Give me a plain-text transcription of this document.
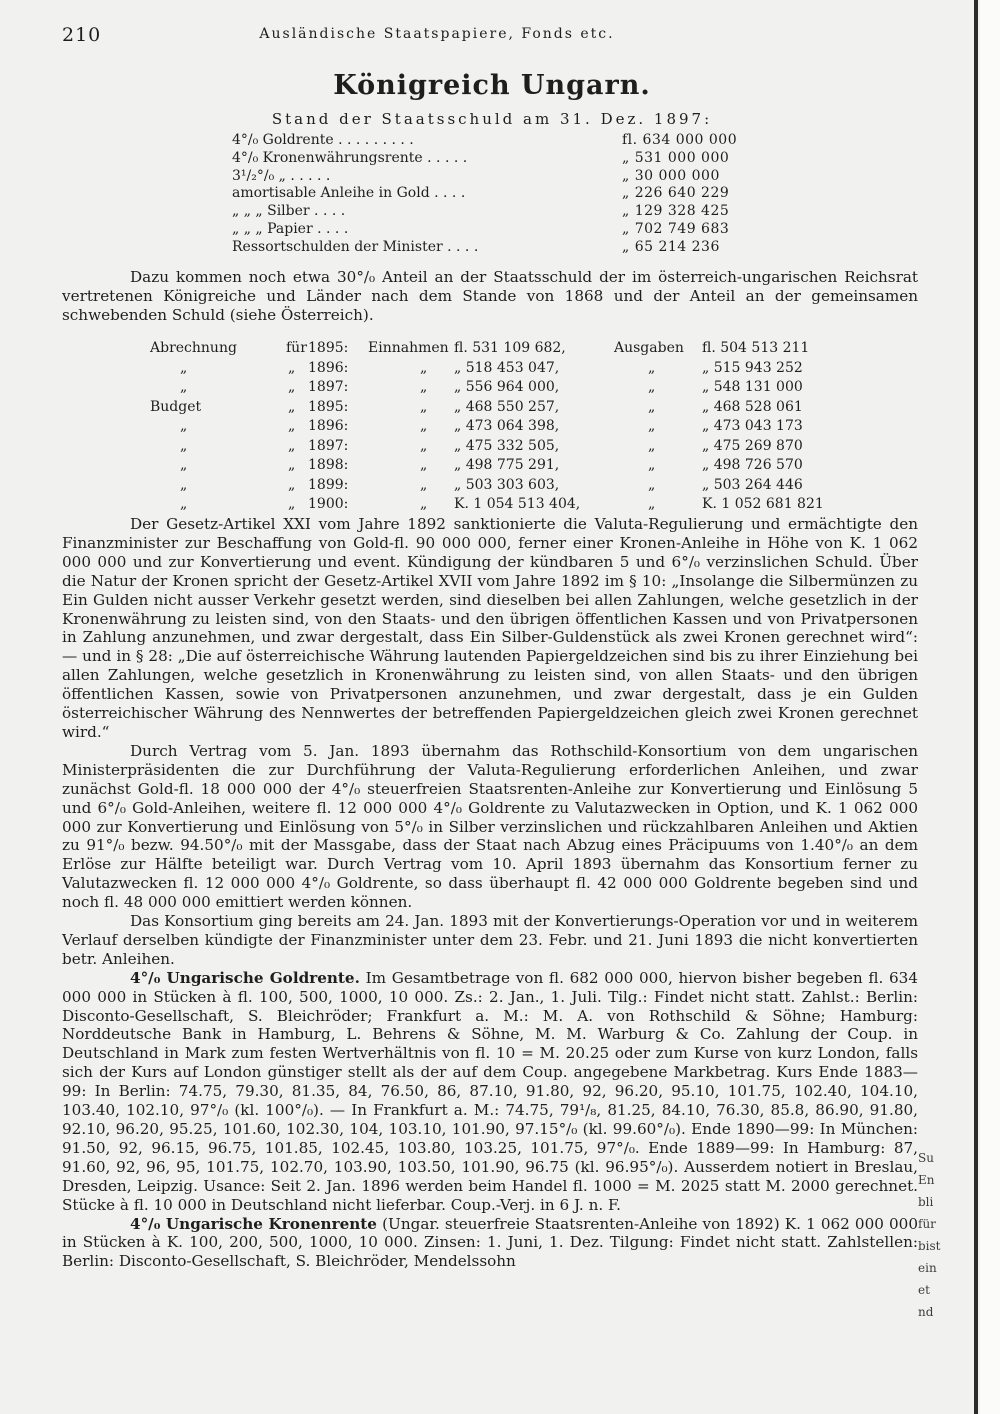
210	Ausländische Staatspapiere, Fonds etc.
Königreich Ungarn.
Stand der Staatsschuld am 31. Dez. 1897:
4°/₀ Goldrente . . . . . . . . .	fl. 634 000 000
4°/₀ Kronenwährungsrente . . . . .	„ 531 000 000
3¹/₂°/₀ „ . . . . .	„ 30 000 000
amortisable Anleihe in Gold . . . .	„ 226 640 229
„ „ „ Silber . . . .	„ 129 328 425
„ „ „ Papier . . . .	„ 702 749 683
Ressortschulden der Minister . . . .	„ 65 214 236

Dazu kommen noch etwa 30°/₀ Anteil an der Staatsschuld der im österreich-ungarischen Reichsrat vertretenen Königreiche und Länder nach dem Stande von 1868 und der Anteil an der gemeinsamen schwebenden Schuld (siehe Österreich).

Abrechnung	für 1895: Einnahmen fl. 531 109 682,	Ausgaben fl. 504 513 211
„	„ 1896:	„ „ 518 453 047,	„	„ 515 943 252
„	„ 1897:	„ „ 556 964 000,	„	„ 548 131 000
Budget	„ 1895:	„ „ 468 550 257,	„	„ 468 528 061
„	„ 1896:	„ „ 473 064 398,	„	„ 473 043 173
„	„ 1897:	„ „ 475 332 505,	„	„ 475 269 870
„	„ 1898:	„ „ 498 775 291,	„	„ 498 726 570
„	„ 1899:	„ „ 503 303 603,	„	„ 503 264 446
„	„ 1900:	„ K. 1 054 513 404,	„	K. 1 052 681 821

Der Gesetz-Artikel XXI vom Jahre 1892 sanktionierte die Valuta-Regulierung und ermächtigte den Finanzminister zur Beschaffung von Gold-fl. 90 000 000, ferner einer Kronen-Anleihe in Höhe von K. 1 062 000 000 und zur Konvertierung und event. Kündigung der kündbaren 5 und 6°/₀ verzinslichen Schuld. Über die Natur der Kronen spricht der Gesetz-Artikel XVII vom Jahre 1892 im § 10: „Insolange die Silbermünzen zu Ein Gulden nicht ausser Verkehr gesetzt werden, sind dieselben bei allen Zahlungen, welche gesetzlich in der Kronenwährung zu leisten sind, von den Staats- und den übrigen öffentlichen Kassen und von Privatpersonen in Zahlung anzunehmen, und zwar dergestalt, dass Ein Silber-Guldenstück als zwei Kronen gerechnet wird“: — und in § 28: „Die auf österreichische Währung lautenden Papiergeldzeichen sind bis zu ihrer Einziehung bei allen Zahlungen, welche gesetzlich in Kronenwährung zu leisten sind, von allen Staats- und den übrigen öffentlichen Kassen, sowie von Privatpersonen anzunehmen, und zwar dergestalt, dass je ein Gulden österreichischer Währung des Nennwertes der betreffenden Papiergeldzeichen gleich zwei Kronen gerechnet wird.“

Durch Vertrag vom 5. Jan. 1893 übernahm das Rothschild-Konsortium von dem ungarischen Ministerpräsidenten die zur Durchführung der Valuta-Regulierung erforderlichen Anleihen, und zwar zunächst Gold-fl. 18 000 000 der 4°/₀ steuerfreien Staatsrenten-Anleihe zur Konvertierung und Einlösung 5 und 6°/₀ Gold-Anleihen, weitere fl. 12 000 000 4°/₀ Goldrente zu Valutazwecken in Option, und K. 1 062 000 000 zur Konvertierung und Einlösung von 5°/₀ in Silber verzinslichen und rückzahlbaren Anleihen und Aktien zu 91°/₀ bezw. 94.50°/₀ mit der Massgabe, dass der Staat nach Abzug eines Präcipuums von 1.40°/₀ an dem Erlöse zur Hälfte beteiligt war. Durch Vertrag vom 10. April 1893 übernahm das Konsortium ferner zu Valutazwecken fl. 12 000 000 4°/₀ Goldrente, so dass überhaupt fl. 42 000 000 Goldrente begeben sind und noch fl. 48 000 000 emittiert werden können.

Das Konsortium ging bereits am 24. Jan. 1893 mit der Konvertierungs-Operation vor und in weiterem Verlauf derselben kündigte der Finanzminister unter dem 23. Febr. und 21. Juni 1893 die nicht konvertierten betr. Anleihen.

4°/₀ Ungarische Goldrente. Im Gesamtbetrage von fl. 682 000 000, hiervon bisher begeben fl. 634 000 000 in Stücken à fl. 100, 500, 1000, 10 000. Zs.: 2. Jan., 1. Juli. Tilg.: Findet nicht statt. Zahlst.: Berlin: Disconto-Gesellschaft, S. Bleichröder; Frankfurt a. M.: M. A. von Rothschild & Söhne; Hamburg: Norddeutsche Bank in Hamburg, L. Behrens & Söhne, M. M. Warburg & Co. Zahlung der Coup. in Deutschland in Mark zum festen Wertverhältnis von fl. 10 = M. 20.25 oder zum Kurse von kurz London, falls sich der Kurs auf London günstiger stellt als der auf dem Coup. angegebene Markbetrag. Kurs Ende 1883—99: In Berlin: 74.75, 79.30, 81.35, 84, 76.50, 86, 87.10, 91.80, 92, 96.20, 95.10, 101.75, 102.40, 104.10, 103.40, 102.10, 97°/₀ (kl. 100°/₀). — In Frankfurt a. M.: 74.75, 79¹/₈, 81.25, 84.10, 76.30, 85.8, 86.90, 91.80, 92.10, 96.20, 95.25, 101.60, 102.30, 104, 103.10, 101.90, 97.15°/₀ (kl. 99.60°/₀). Ende 1890—99: In München: 91.50, 92, 96.15, 96.75, 101.85, 102.45, 103.80, 103.25, 101.75, 97°/₀. Ende 1889—99: In Hamburg: 87, 91.60, 92, 96, 95, 101.75, 102.70, 103.90, 103.50, 101.90, 96.75 (kl. 96.95°/₀). Ausserdem notiert in Breslau, Dresden, Leipzig. Usance: Seit 2. Jan. 1896 werden beim Handel fl. 1000 = M. 2025 statt M. 2000 gerechnet. Stücke à fl. 10 000 in Deutschland nicht lieferbar. Coup.-Verj. in 6 J. n. F.

4°/₀ Ungarische Kronenrente (Ungar. steuerfreie Staatsrenten-Anleihe von 1892) K. 1 062 000 000 in Stücken à K. 100, 200, 500, 1000, 10 000. Zinsen: 1. Juni, 1. Dez. Tilgung: Findet nicht statt. Zahlstellen: Berlin: Disconto-Gesellschaft, S. Bleichröder, Mendelssohn

Su
En
bli
für
bist
ein
et
nd
